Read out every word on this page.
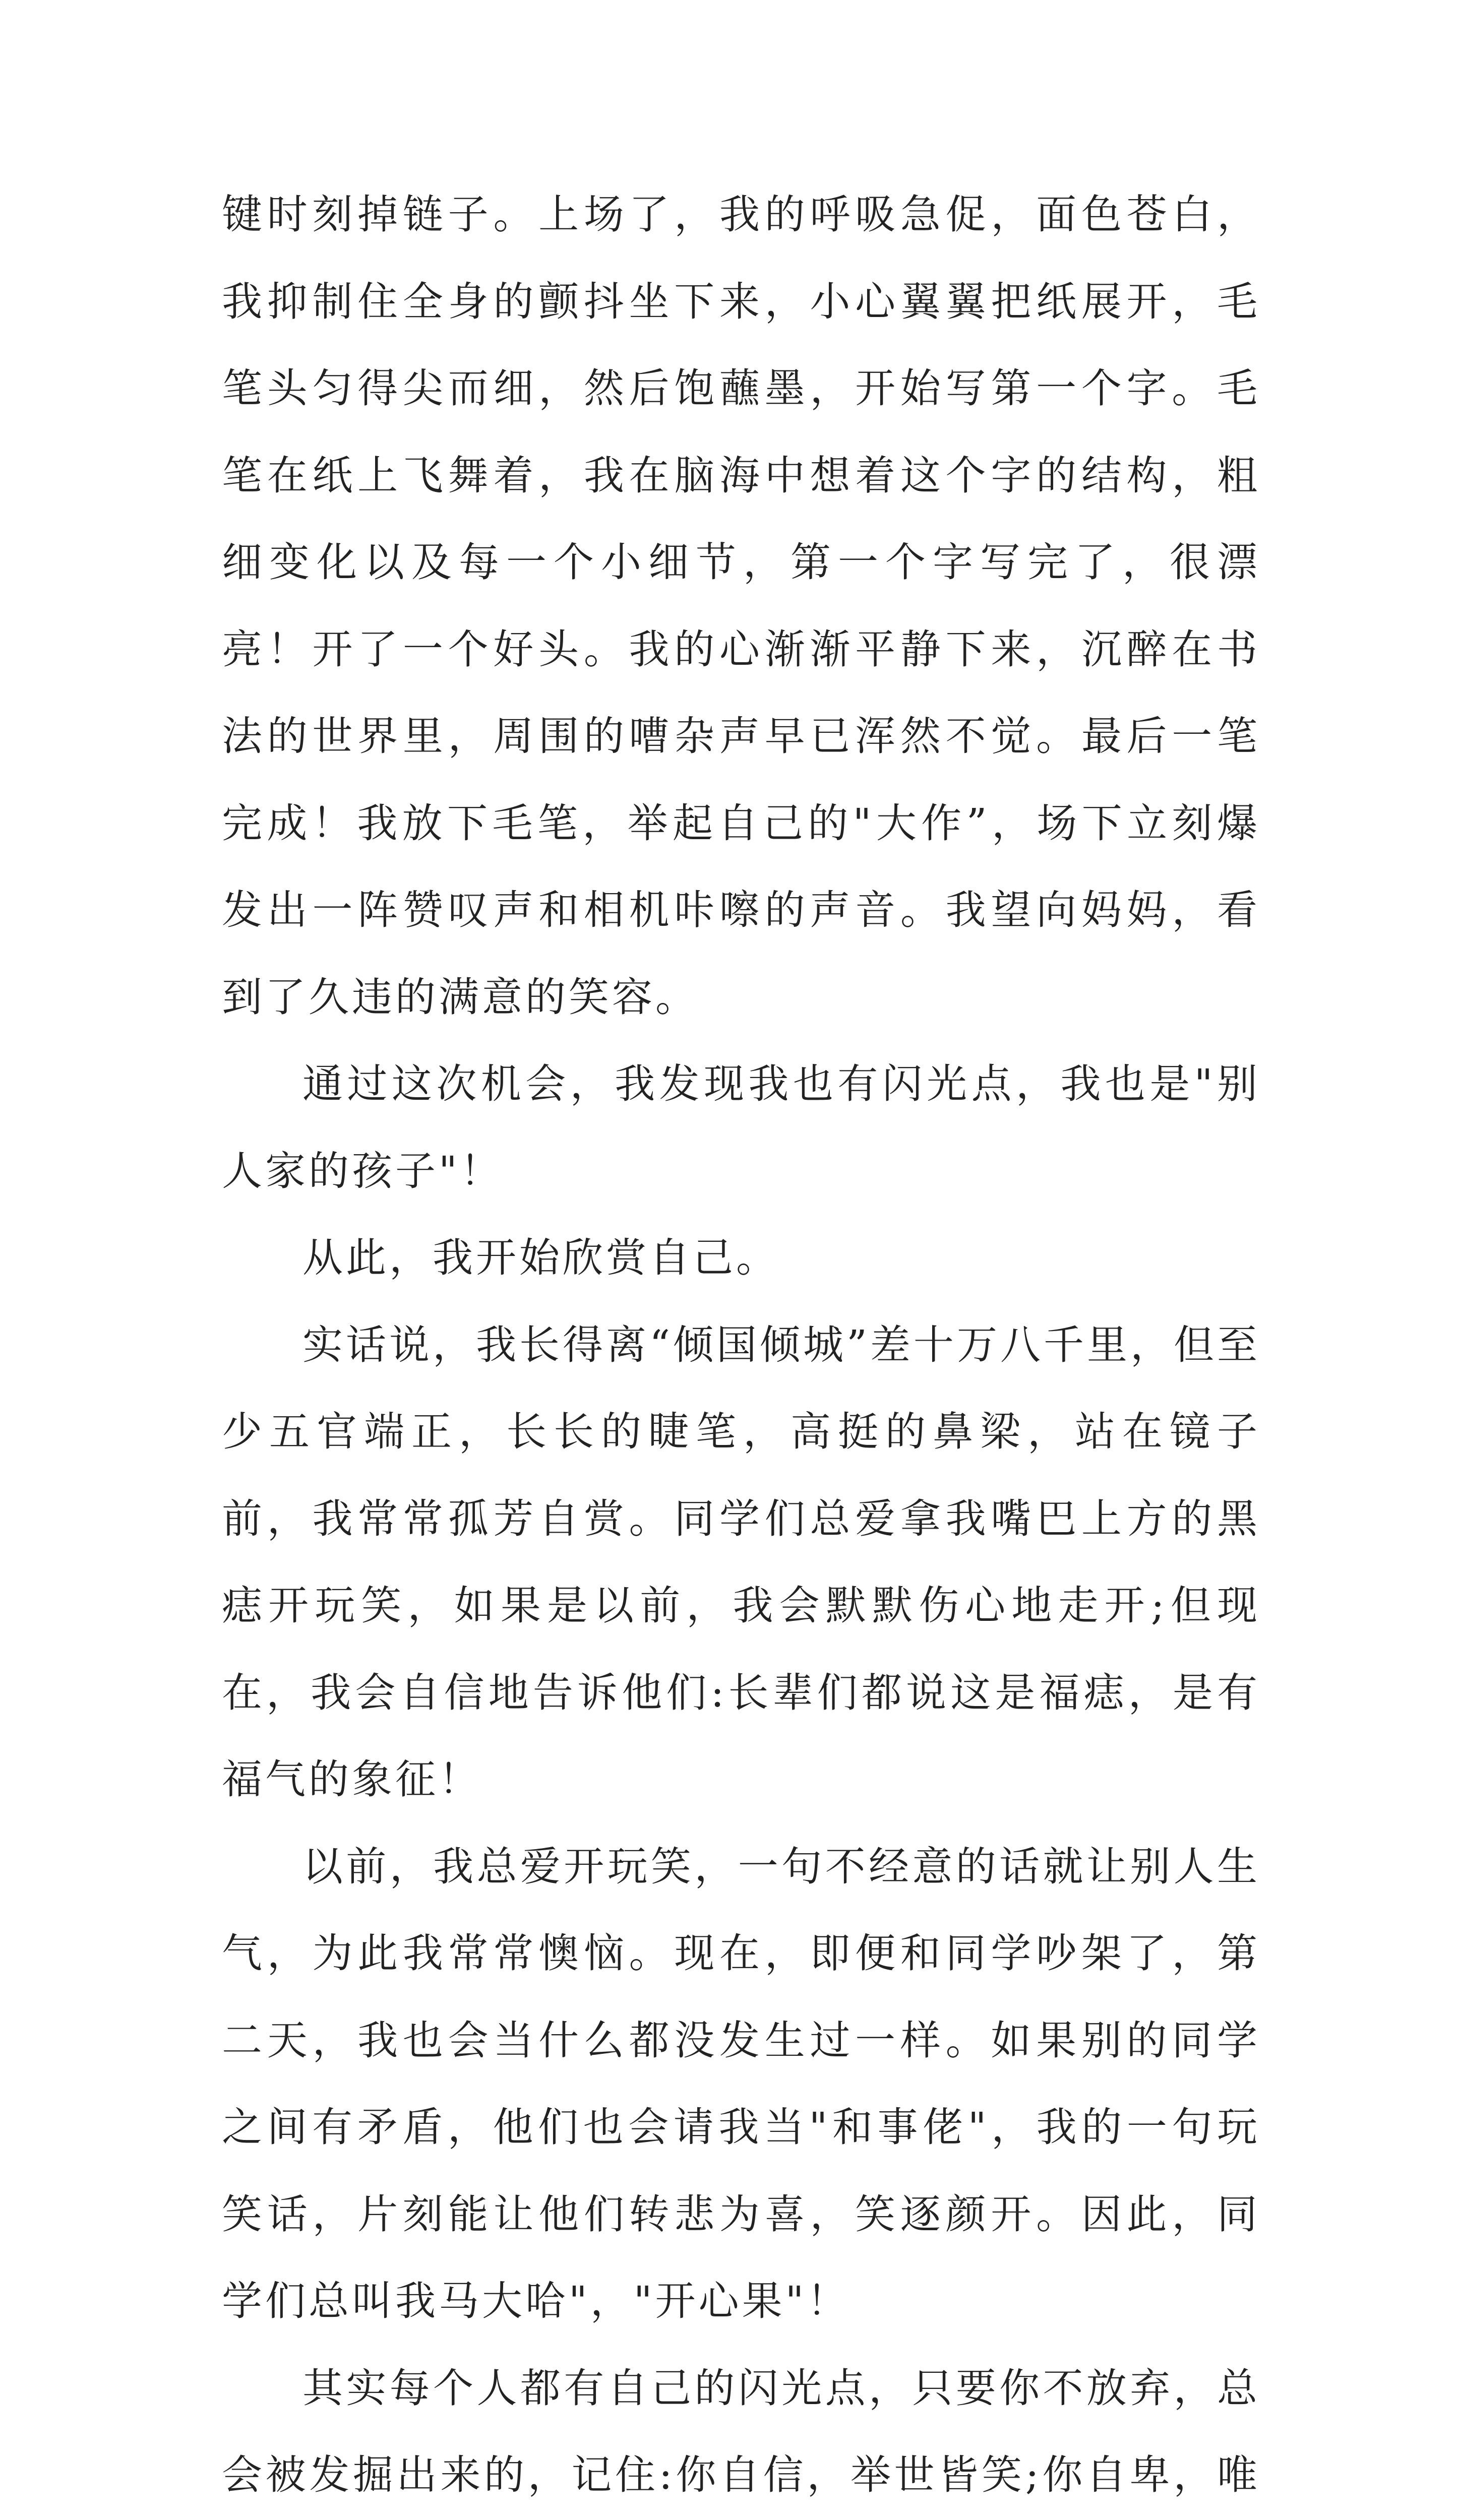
键时刻掉链子。上场了，我的呼吸急促，面色苍白，我抑制住全身的颤抖坐下来，小心翼翼把纸展开，毛笔头匀得尖而细，然后饱蘸墨，开始写第一个字。毛笔在纸上飞舞着，我在脑海中想着这个字的结构，粗细变化以及每一个小细节，第一个字写完了，很漂亮！开了一个好头。我的心渐渐平静下来，沉醉在书法的世界里，周围的嘈杂声早已浑然不觉。最后一笔完成！我放下毛笔，举起自己的"大作”，场下立刻爆发出一阵赞叹声和相机咔嚓的声音。我望向妈妈，看到了久违的满意的笑容。

通过这次机会，我发现我也有闪光点，我也是"别人家的孩子"！

从此，我开始欣赏自己。

实话说，我长得离“倾国倾城”差十万八千里，但至少五官端正，长长的睫笔，高挺的鼻梁，站在镜子前，我常常孤芳自赏。同学们总爱拿我嘴巴上方的黑痣开玩笑，如果是以前，我会默默伤心地走开;但现在，我会自信地告诉他们:长辈们都说这是福痣，是有福气的象征！

以前，我总爱开玩笑，一句不经意的话就让别人生气，为此我常常懊恼。现在，即便和同学吵架了，第二天，我也会当什么都没发生过一样。如果别的同学之间有矛盾，他们也会请我当"和事佬"，我的一句玩笑话，片刻能让他们转悲为喜，笑逐颜开。因此，同学们总叫我马大哈"，"开心果"！

其实每个人都有自己的闪光点，只要你不放弃，总会被发掘出来的，记住:你自信，举世皆笑;你自卑，唯
